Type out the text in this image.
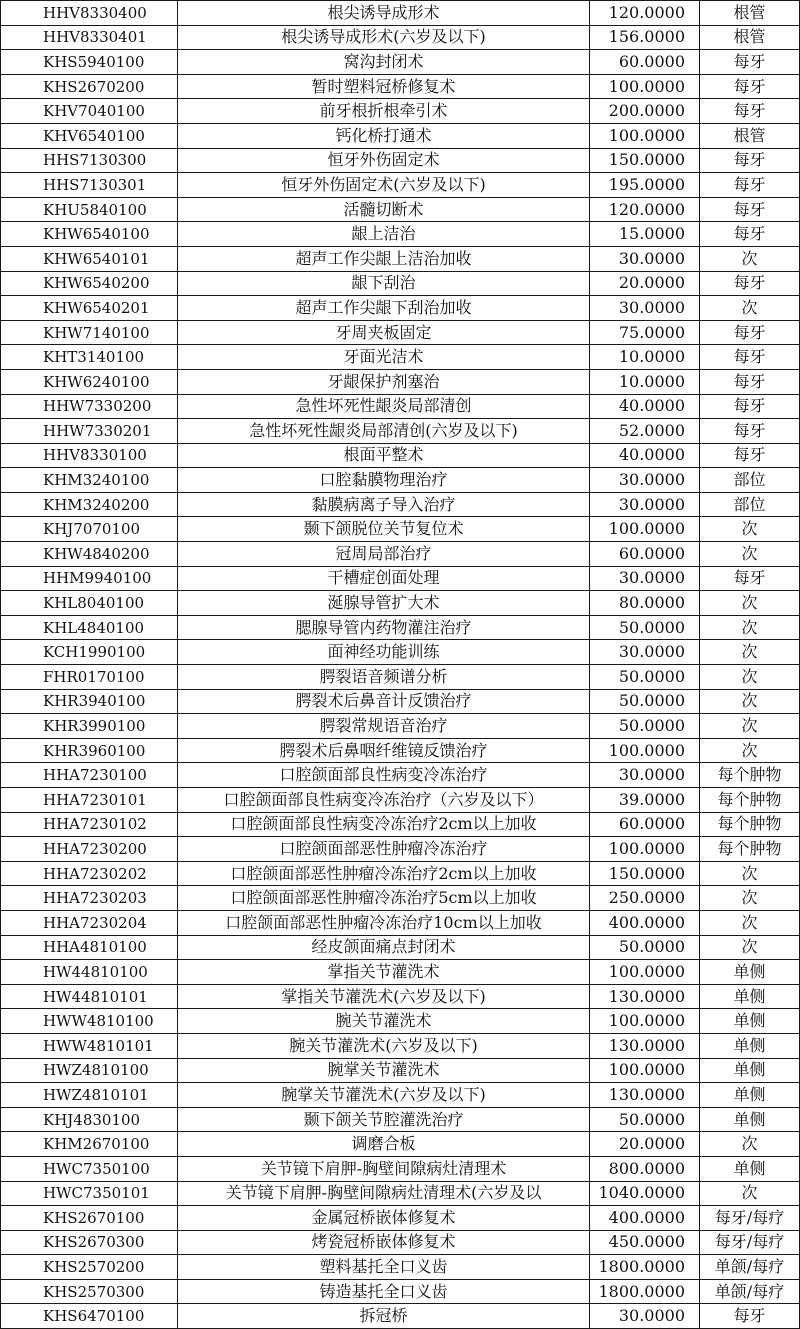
HHV8330400	根尖诱导成形术	120.0000	根管
HHV8330401	根尖诱导成形术(六岁及以下)	156.0000	根管
KHS5940100	窝沟封闭术	60.0000	每牙
KHS2670200	暂时塑料冠桥修复术	100.0000	每牙
KHV7040100	前牙根折根牵引术	200.0000	每牙
KHV6540100	钙化桥打通术	100.0000	根管
HHS7130300	恒牙外伤固定术	150.0000	每牙
HHS7130301	恒牙外伤固定术(六岁及以下)	195.0000	每牙
KHU5840100	活髓切断术	120.0000	每牙
KHW6540100	龈上洁治	15.0000	每牙
KHW6540101	超声工作尖龈上洁治加收	30.0000	次
KHW6540200	龈下刮治	20.0000	每牙
KHW6540201	超声工作尖龈下刮治加收	30.0000	次
KHW7140100	牙周夹板固定	75.0000	每牙
KHT3140100	牙面光洁术	10.0000	每牙
KHW6240100	牙龈保护剂塞治	10.0000	每牙
HHW7330200	急性坏死性龈炎局部清创	40.0000	每牙
HHW7330201	急性坏死性龈炎局部清创(六岁及以下)	52.0000	每牙
HHV8330100	根面平整术	40.0000	每牙
KHM3240100	口腔黏膜物理治疗	30.0000	部位
KHM3240200	黏膜病离子导入治疗	30.0000	部位
KHJ7070100	颞下颌脱位关节复位术	100.0000	次
KHW4840200	冠周局部治疗	60.0000	次
HHM9940100	干槽症创面处理	30.0000	每牙
KHL8040100	涎腺导管扩大术	80.0000	次
KHL4840100	腮腺导管内药物灌注治疗	50.0000	次
KCH1990100	面神经功能训练	30.0000	次
FHR0170100	腭裂语音频谱分析	50.0000	次
KHR3940100	腭裂术后鼻音计反馈治疗	50.0000	次
KHR3990100	腭裂常规语音治疗	50.0000	次
KHR3960100	腭裂术后鼻咽纤维镜反馈治疗	100.0000	次
HHA7230100	口腔颌面部良性病变冷冻治疗	30.0000	每个肿物
HHA7230101	口腔颌面部良性病变冷冻治疗（六岁及以下）	39.0000	每个肿物
HHA7230102	口腔颌面部良性病变冷冻治疗2cm以上加收	60.0000	每个肿物
HHA7230200	口腔颌面部恶性肿瘤冷冻治疗	100.0000	每个肿物
HHA7230202	口腔颌面部恶性肿瘤冷冻治疗2cm以上加收	150.0000	次
HHA7230203	口腔颌面部恶性肿瘤冷冻治疗5cm以上加收	250.0000	次
HHA7230204	口腔颌面部恶性肿瘤冷冻治疗10cm以上加收	400.0000	次
HHA4810100	经皮颌面痛点封闭术	50.0000	次
HW44810100	掌指关节灌洗术	100.0000	单侧
HW44810101	掌指关节灌洗术(六岁及以下)	130.0000	单侧
HWW4810100	腕关节灌洗术	100.0000	单侧
HWW4810101	腕关节灌洗术(六岁及以下)	130.0000	单侧
HWZ4810100	腕掌关节灌洗术	100.0000	单侧
HWZ4810101	腕掌关节灌洗术(六岁及以下)	130.0000	单侧
KHJ4830100	颞下颌关节腔灌洗治疗	50.0000	单侧
KHM2670100	调磨合板	20.0000	次
HWC7350100	关节镜下肩胛-胸壁间隙病灶清理术	800.0000	单侧
HWC7350101	关节镜下肩胛-胸壁间隙病灶清理术(六岁及以	1040.0000	次
KHS2670100	金属冠桥嵌体修复术	400.0000	每牙/每疗
KHS2670300	烤瓷冠桥嵌体修复术	450.0000	每牙/每疗
KHS2570200	塑料基托全口义齿	1800.0000	单颌/每疗
KHS2570300	铸造基托全口义齿	1800.0000	单颌/每疗
KHS6470100	拆冠桥	30.0000	每牙
